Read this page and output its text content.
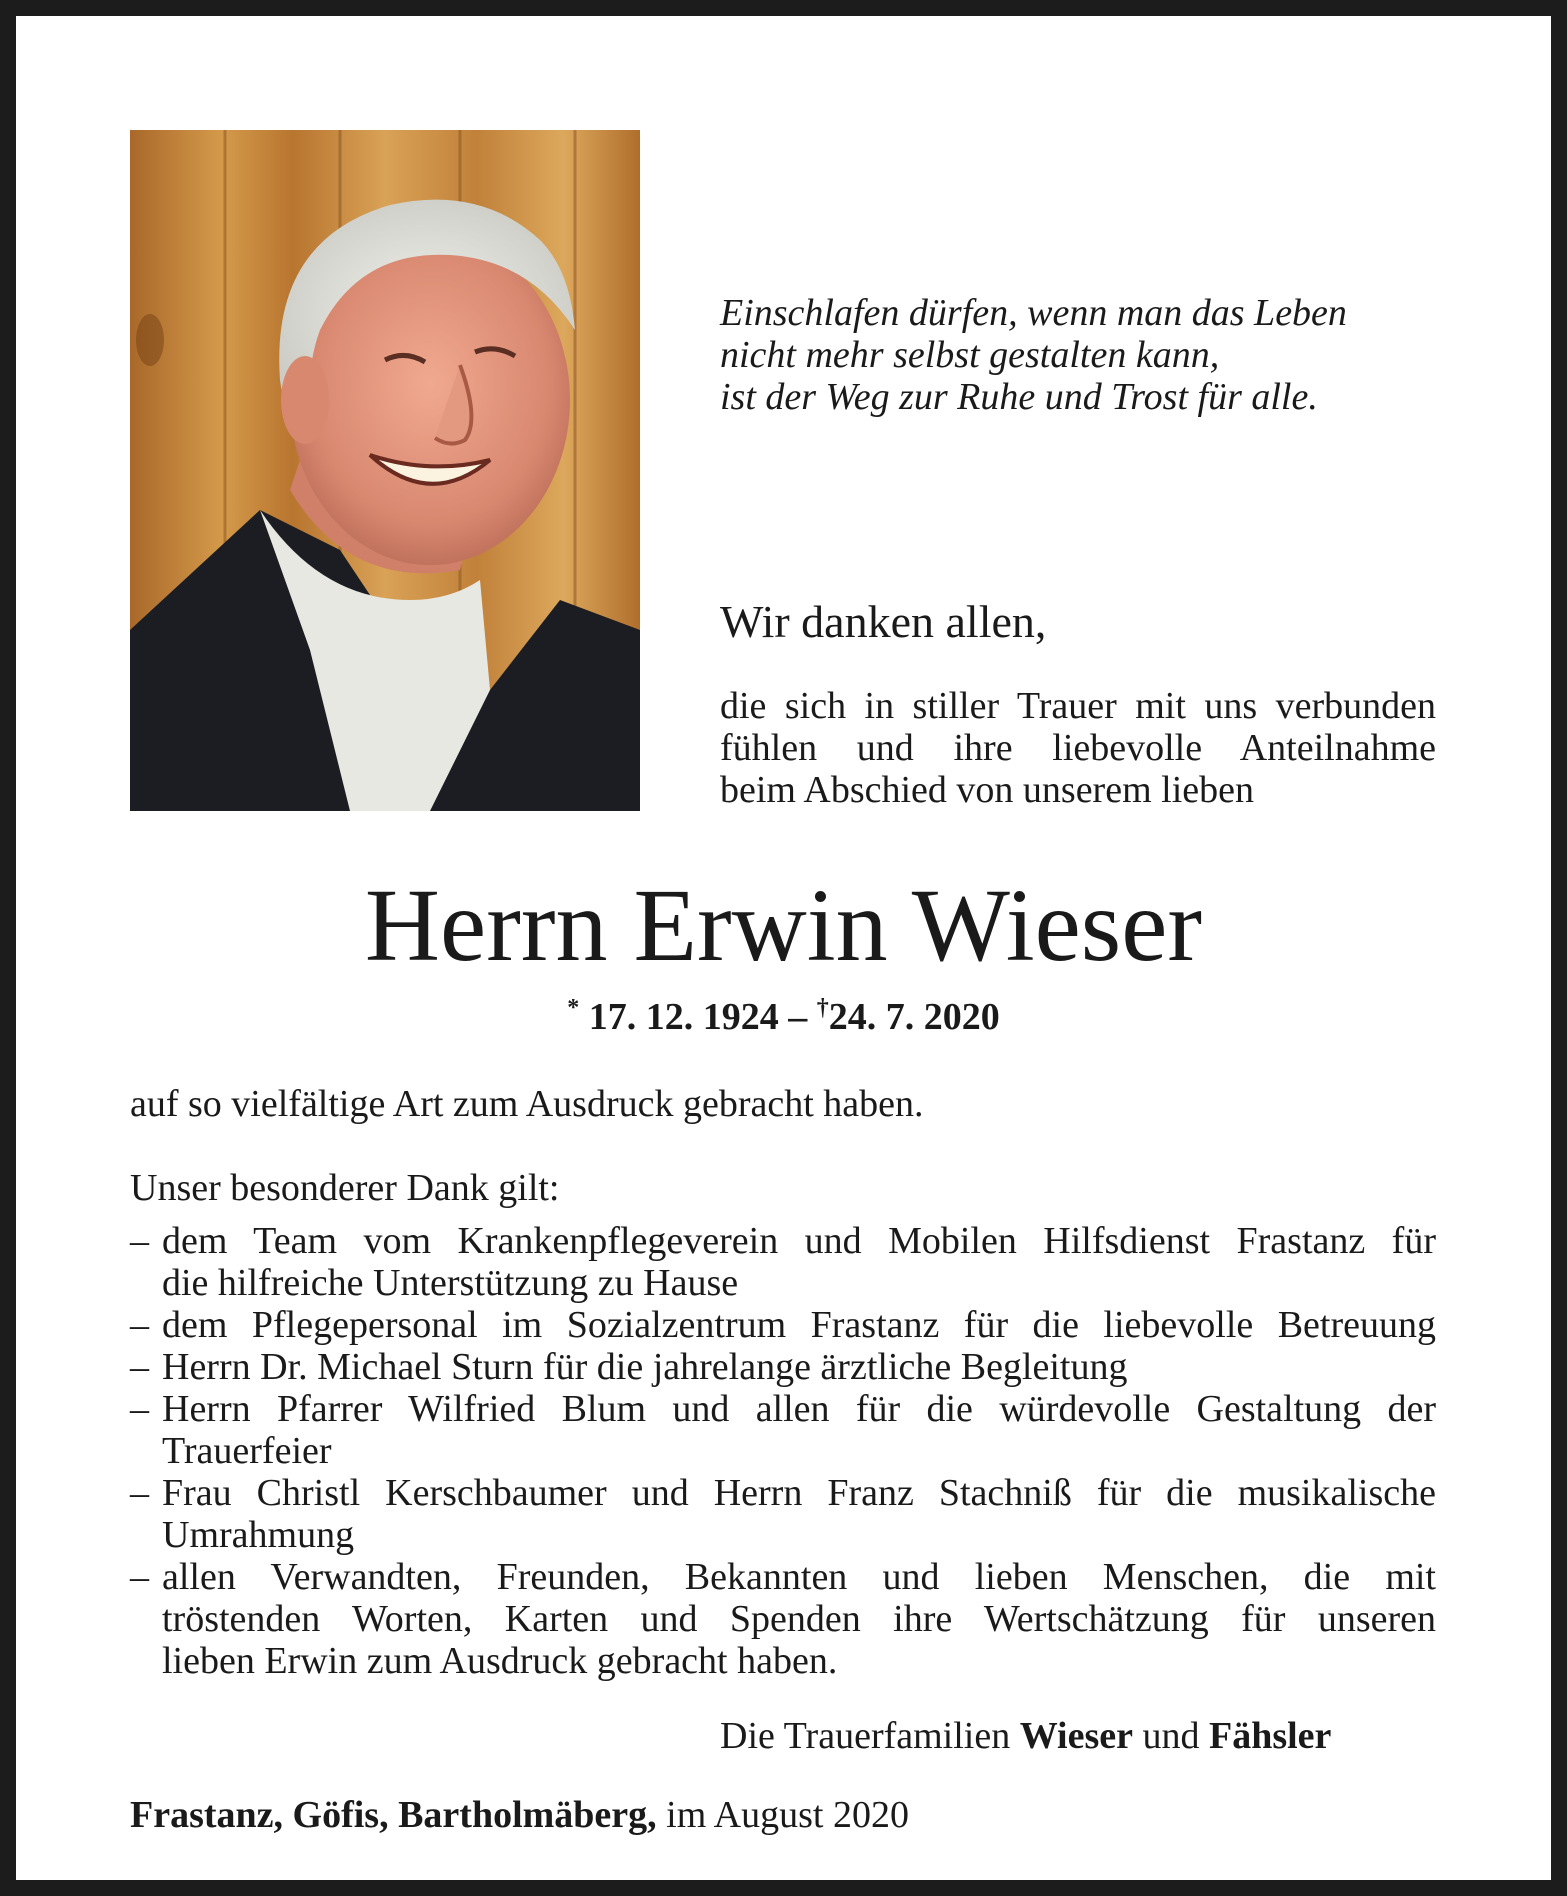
Einschlafen dürfen, wenn man das Leben
nicht mehr selbst gestalten kann,
ist der Weg zur Ruhe und Trost für alle.
Wir danken allen,
die sich in stiller Trauer mit uns verbunden
fühlen und ihre liebevolle Anteilnahme
beim Abschied von unserem lieben
Herrn Erwin Wieser
* 17. 12. 1924 – †24. 7. 2020
auf so vielfältige Art zum Ausdruck gebracht haben.
Unser besonderer Dank gilt:
– dem Team vom Krankenpflegeverein und Mobilen Hilfsdienst Frastanz für
die hilfreiche Unterstützung zu Hause
– dem Pflegepersonal im Sozialzentrum Frastanz für die liebevolle Betreuung
– Herrn Dr. Michael Sturn für die jahrelange ärztliche Begleitung
– Herrn Pfarrer Wilfried Blum und allen für die würdevolle Gestaltung der
Trauerfeier
– Frau Christl Kerschbaumer und Herrn Franz Stachniß für die musikalische
Umrahmung
– allen Verwandten, Freunden, Bekannten und lieben Menschen, die mit
tröstenden Worten, Karten und Spenden ihre Wertschätzung für unseren
lieben Erwin zum Ausdruck gebracht haben.
Die Trauerfamilien Wieser und Fähsler
Frastanz, Göfis, Bartholmäberg, im August 2020
